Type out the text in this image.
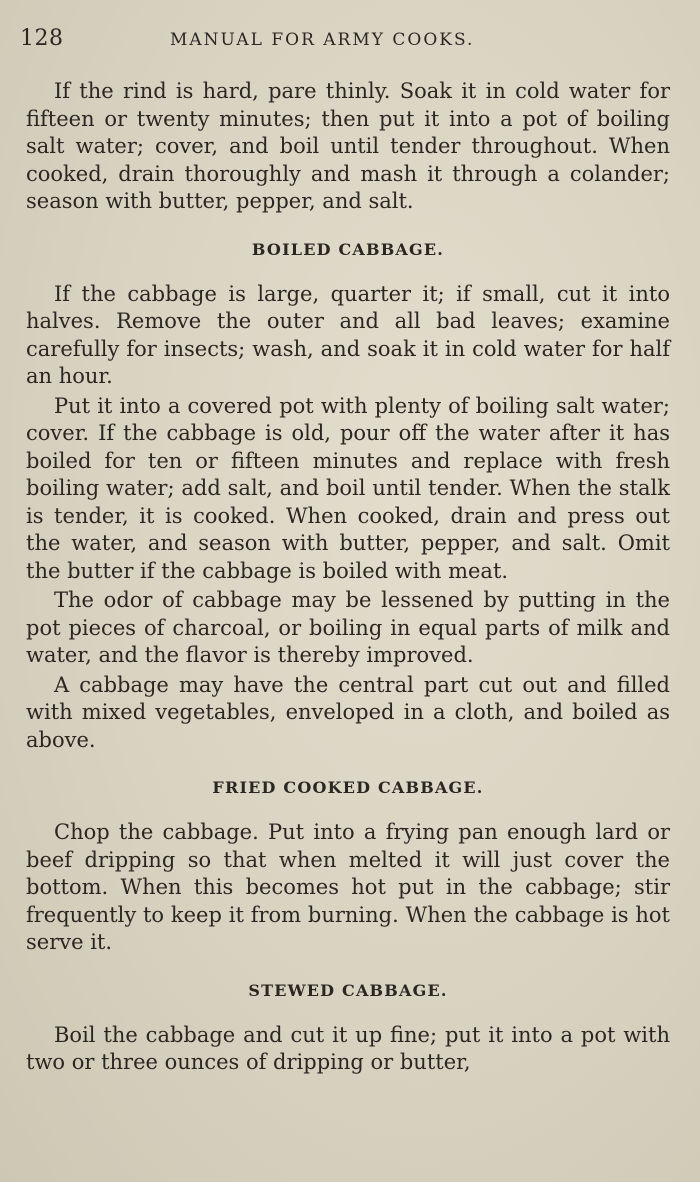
128	MANUAL FOR ARMY COOKS.

If the rind is hard, pare thinly. Soak it in cold water for fifteen or twenty minutes; then put it into a pot of boiling salt water; cover, and boil until tender throughout. When cooked, drain thoroughly and mash it through a colander; season with butter, pepper, and salt.

BOILED CABBAGE.

If the cabbage is large, quarter it; if small, cut it into halves. Remove the outer and all bad leaves; examine carefully for insects; wash, and soak it in cold water for half an hour.

Put it into a covered pot with plenty of boiling salt water; cover. If the cabbage is old, pour off the water after it has boiled for ten or fifteen minutes and replace with fresh boiling water; add salt, and boil until tender. When the stalk is tender, it is cooked. When cooked, drain and press out the water, and season with butter, pepper, and salt. Omit the butter if the cabbage is boiled with meat.

The odor of cabbage may be lessened by putting in the pot pieces of charcoal, or boiling in equal parts of milk and water, and the flavor is thereby improved.

A cabbage may have the central part cut out and filled with mixed vegetables, enveloped in a cloth, and boiled as above.

FRIED COOKED CABBAGE.

Chop the cabbage. Put into a frying pan enough lard or beef dripping so that when melted it will just cover the bottom. When this becomes hot put in the cabbage; stir frequently to keep it from burning. When the cabbage is hot serve it.

STEWED CABBAGE.

Boil the cabbage and cut it up fine; put it into a pot with two or three ounces of dripping or butter,
